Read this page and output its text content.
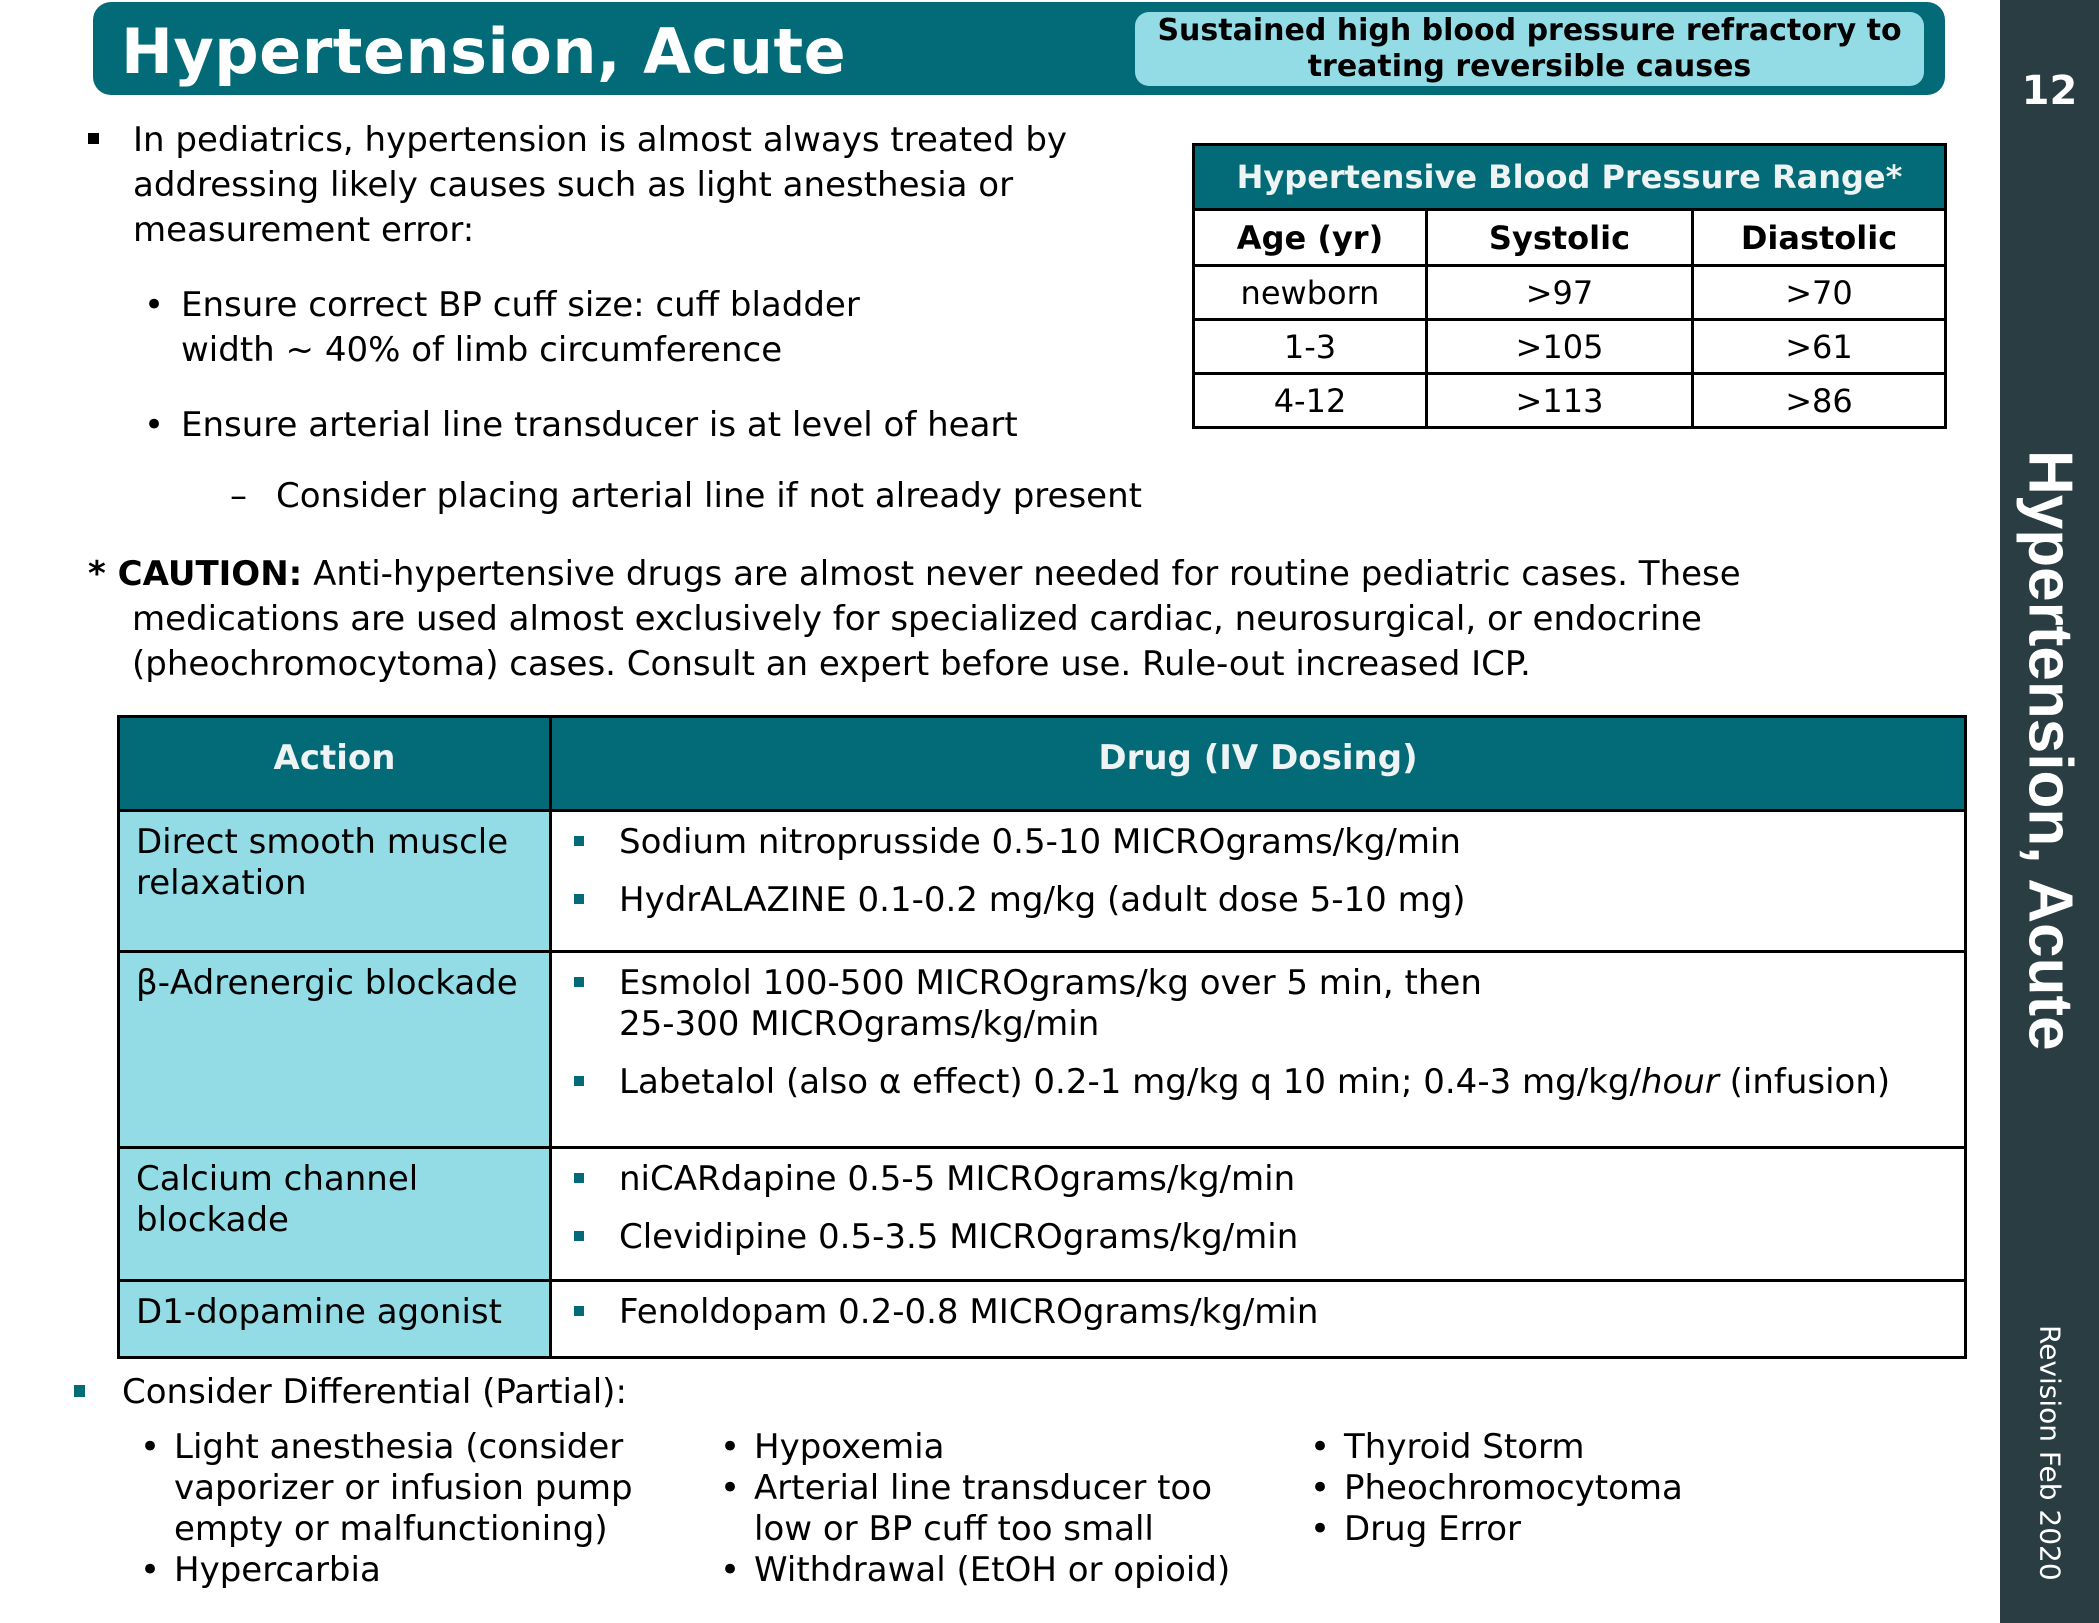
Hypertension, Acute	Sustained high blood pressure refractory to treating reversible causes
12
Hypertension, Acute
Revision Feb 2020
In pediatrics, hypertension is almost always treated by addressing likely causes such as light anesthesia or measurement error:
• Ensure correct BP cuff size: cuff bladder width ~ 40% of limb circumference
• Ensure arterial line transducer is at level of heart
– Consider placing arterial line if not already present
Hypertensive Blood Pressure Range*		
Age (yr)	Systolic	Diastolic
newborn	>97	>70
1-3	>105	>61
4-12	>113	>86
* CAUTION: Anti-hypertensive drugs are almost never needed for routine pediatric cases. These
medications are used almost exclusively for specialized cardiac, neurosurgical, or endocrine
(pheochromocytoma) cases. Consult an expert before use. Rule-out increased ICP.
Action	Drug (IV Dosing)
Direct smooth muscle relaxation	Sodium nitroprusside 0.5-10 MICROgrams/kg/min
HydrALAZINE 0.1-0.2 mg/kg (adult dose 5-10 mg)

β-Adrenergic blockade	Esmolol 100-500 MICROgrams/kg over 5 min, then
25-300 MICROgrams/kg/min
Labetalol (also α effect) 0.2-1 mg/kg q 10 min; 0.4-3 mg/kg/hour (infusion)

Calcium channel blockade	niCARdapine 0.5-5 MICROgrams/kg/min
Clevidipine 0.5-3.5 MICROgrams/kg/min

D1-dopamine agonist	Fenoldopam 0.2-0.8 MICROgrams/kg/min
Consider Differential (Partial):
• Light anesthesia (consider vaporizer or infusion pump empty or malfunctioning)
• Hypercarbia
• Hypoxemia
• Arterial line transducer too low or BP cuff too small
• Withdrawal (EtOH or opioid)
• Thyroid Storm
• Pheochromocytoma
• Drug Error
